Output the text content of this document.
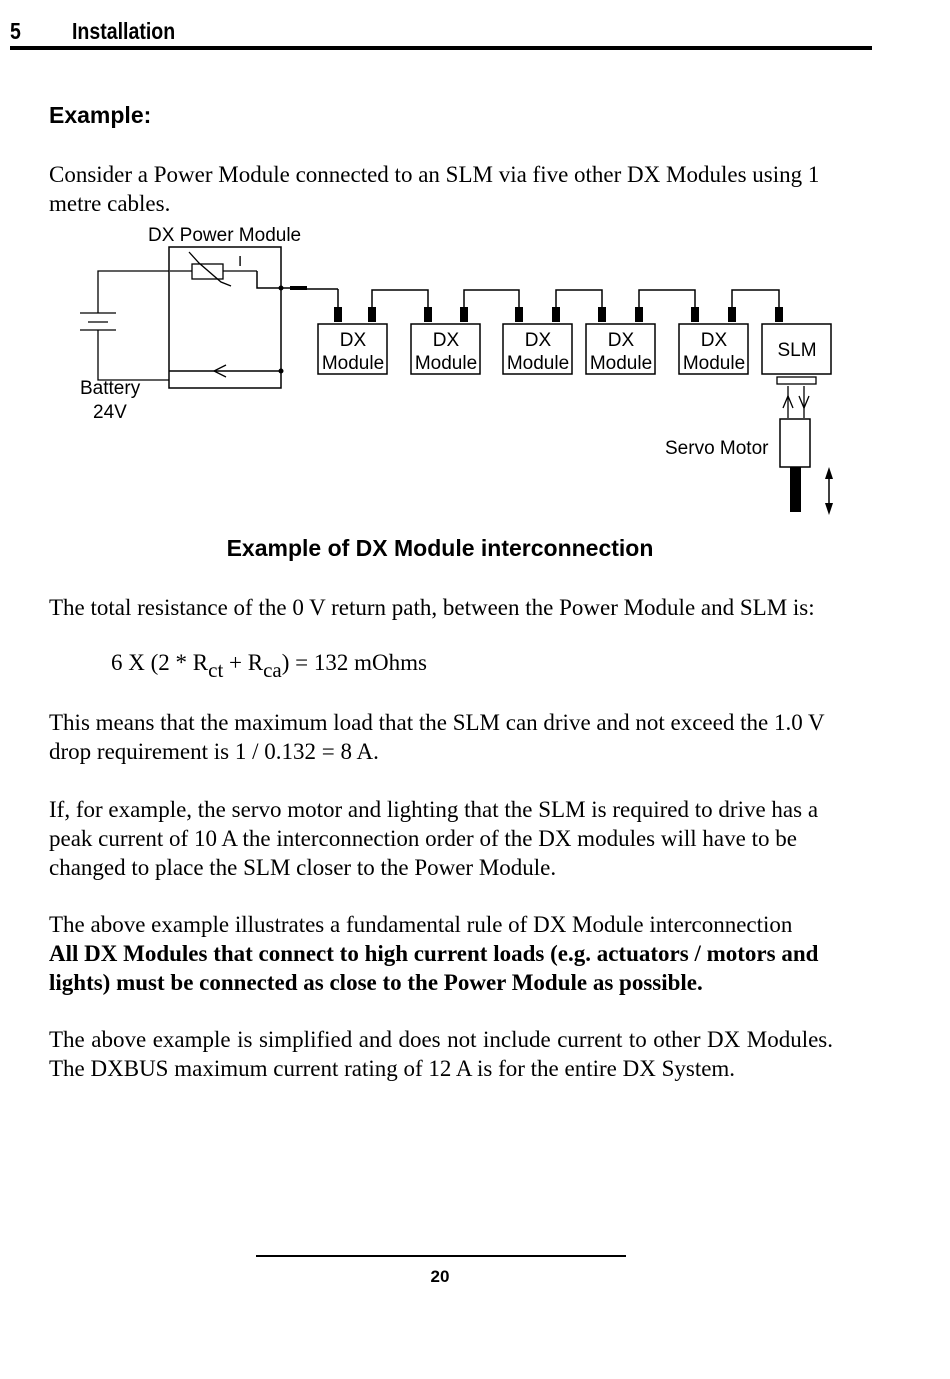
5 Installation
Example:

Consider a Power Module connected to an SLM via five other DX Modules using 1 metre cables.

DX Power Module
I
Battery
24V
DX
Module
DX
Module
DX
Module
DX
Module
DX
Module
SLM
Servo Motor
Example of DX Module interconnection

The total resistance of the 0 V return path, between the Power Module and SLM is:

6 X $(2 * R_{ct} + R_{ca}) = 132$ mOhms

This means that the maximum load that the SLM can drive and not exceed the 1.0 V drop requirement is 1 / 0.132 = 8 A.

If, for example, the servo motor and lighting that the SLM is required to drive has a peak current of 10 A the interconnection order of the DX modules will have to be changed to place the SLM closer to the Power Module.

The above example illustrates a fundamental rule of DX Module interconnection
All DX Modules that connect to high current loads (e.g. actuators / motors and lights) must be connected as close to the Power Module as possible.

The above example is simplified and does not include current to other DX Modules. The DXBUS maximum current rating of 12 A is for the entire DX System.

20
